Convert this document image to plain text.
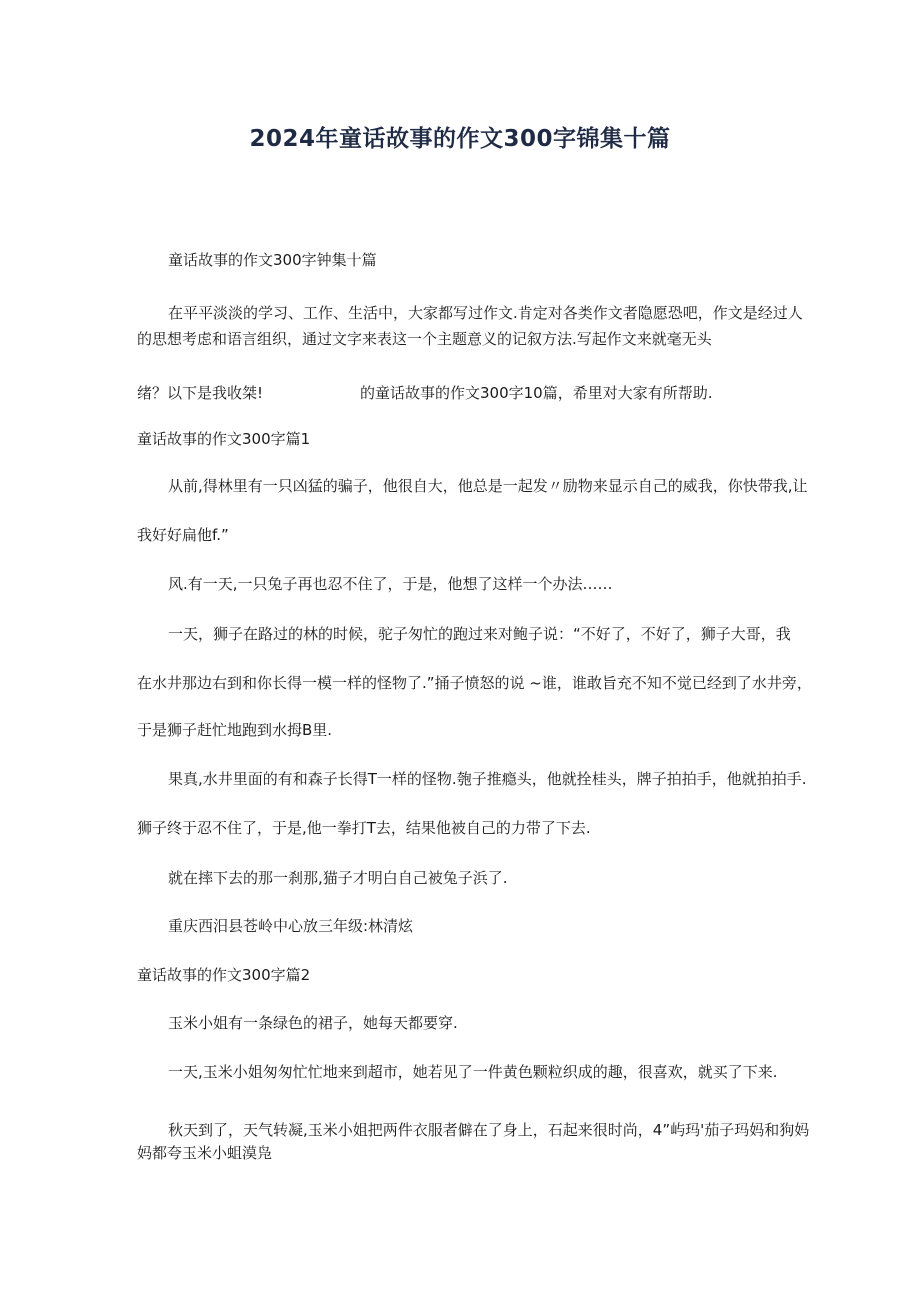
2024年童话故事的作文300字锦集十篇
童话故事的作文300字钟集十篇
在平平淡淡的学习、工作、生活中，大家都写过作文.肯定对各类作文者隐愿恐吧，作文是经过人
的思想考虑和语言组织，通过文字来表这一个主题意义的记叙方法.写起作文来就毫无头
绪？以下是我收桀!	的童话故事的作文300字10篇，希里对大家有所帮助.
童话故事的作文300字篇1
从前,得林里有一只凶猛的骗子，他很自大，他总是一起发〃励物来显示自己的威我，你快带我,让
我好好扁他f.”
风.有一天,一只兔子再也忍不住了，于是，他想了这样一个办法……
一天，狮子在路过的林的时候，驼子匆忙的跑过来对鲍子说：“不好了，不好了，狮子大哥，我
在水井那边右到和你长得一模一样的怪物了.”捅子愤怒的说 ~谁，谁敢旨充不知不觉已经到了水井旁，
于是狮子赶忙地跑到水拇B里.
果真,水井里面的有和森子长得T一样的怪物.匏子推瘾头，他就拴桂头，牌子拍拍手，他就拍拍手.
狮子终于忍不住了，于是,他一拳打T去，结果他被自己的力带了下去.
就在摔下去的那一刹那,猫子才明白自己被兔子浜了.
重庆西汨县苍岭中心放三年级:林清炫
童话故事的作文300字篇2
玉米小姐有一条绿色的裙子，她每天都要穿.
一天,玉米小姐匆匆忙忙地来到超市，她若见了一件黄色颗粒织成的趣，很喜欢，就买了下来.
秋天到了，天气转凝,玉米小姐把两件衣服者僻在了身上，石起来很时尚，4”屿玛'茄子玛妈和狗妈
妈都夸玉米小蛆漠凫
